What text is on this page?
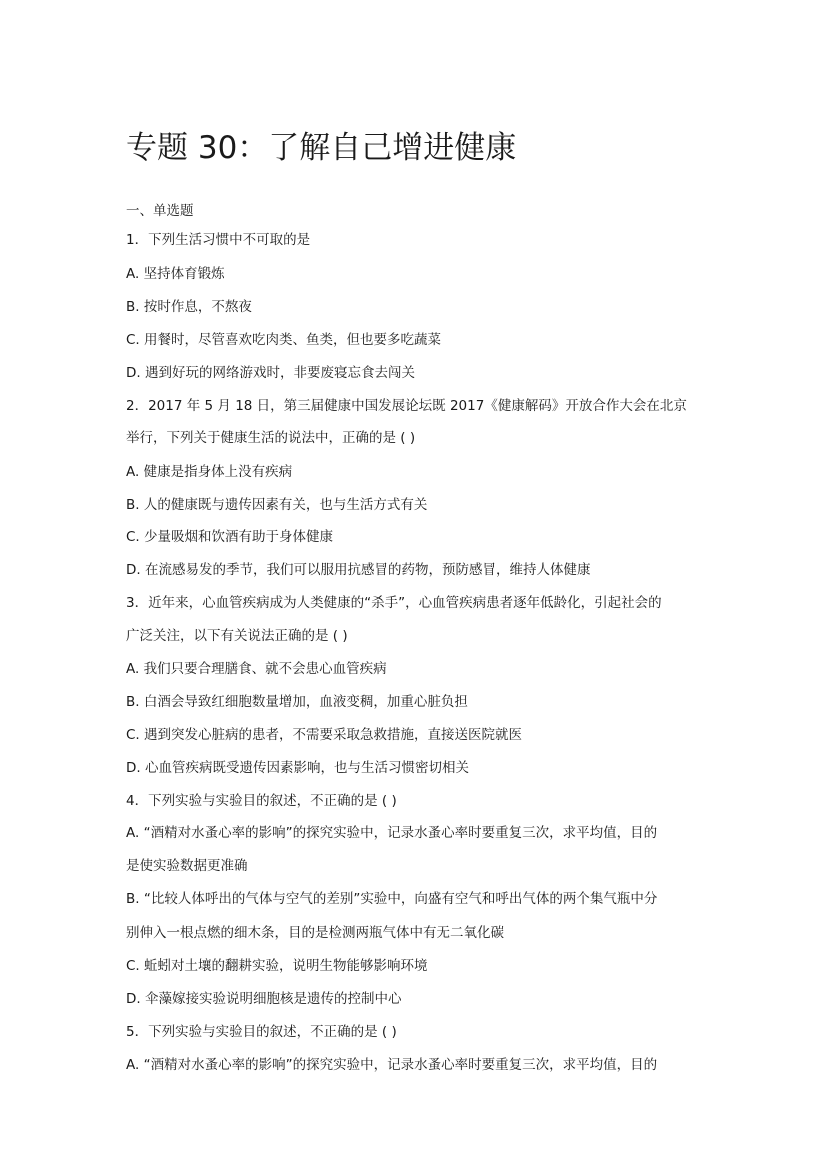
专题 30：了解自己增进健康

一、单选题

1．下列生活习惯中不可取的是

A. 坚持体育锻炼

B. 按时作息，不熬夜

C. 用餐时，尽管喜欢吃肉类、鱼类，但也要多吃蔬菜

D. 遇到好玩的网络游戏时，非要废寝忘食去闯关

2．2017 年 5 月 18 日，第三届健康中国发展论坛既 2017《健康解码》开放合作大会在北京

举行，下列关于健康生活的说法中，正确的是 ( )

A. 健康是指身体上没有疾病

B. 人的健康既与遗传因素有关，也与生活方式有关

C. 少量吸烟和饮酒有助于身体健康

D. 在流感易发的季节，我们可以服用抗感冒的药物，预防感冒，维持人体健康

3．近年来，心血管疾病成为人类健康的“杀手”，心血管疾病患者逐年低龄化，引起社会的

广泛关注，以下有关说法正确的是 ( )

A. 我们只要合理膳食、就不会患心血管疾病

B. 白酒会导致红细胞数量增加，血液变稠，加重心脏负担

C. 遇到突发心脏病的患者，不需要采取急救措施，直接送医院就医

D. 心血管疾病既受遗传因素影响，也与生活习惯密切相关

4．下列实验与实验目的叙述，不正确的是 ( )

A. “酒精对水蚤心率的影响”的探究实验中，记录水蚤心率时要重复三次，求平均值，目的

是使实验数据更准确

B. “比较人体呼出的气体与空气的差别”实验中，向盛有空气和呼出气体的两个集气瓶中分

别伸入一根点燃的细木条，目的是检测两瓶气体中有无二氧化碳

C. 蚯蚓对土壤的翻耕实验，说明生物能够影响环境

D. 伞藻嫁接实验说明细胞核是遗传的控制中心

5．下列实验与实验目的叙述，不正确的是 ( )

A. “酒精对水蚤心率的影响”的探究实验中，记录水蚤心率时要重复三次，求平均值，目的
